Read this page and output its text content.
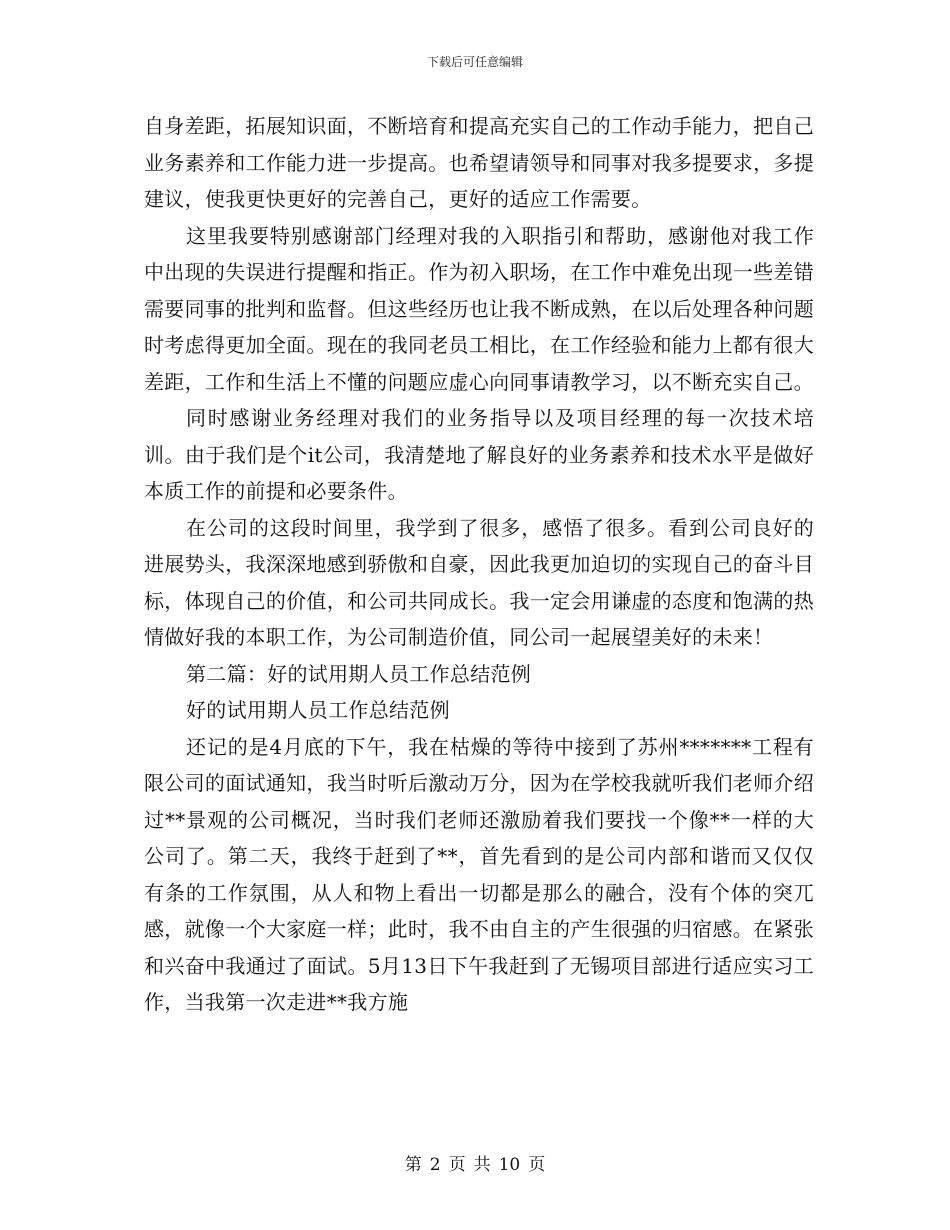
下载后可任意编辑

自身差距，拓展知识面，不断培育和提高充实自己的工作动手能力，把自己业务素养和工作能力进一步提高。也希望请领导和同事对我多提要求，多提建议，使我更快更好的完善自己，更好的适应工作需要。

这里我要特别感谢部门经理对我的入职指引和帮助，感谢他对我工作中出现的失误进行提醒和指正。作为初入职场，在工作中难免出现一些差错需要同事的批判和监督。但这些经历也让我不断成熟，在以后处理各种问题时考虑得更加全面。现在的我同老员工相比，在工作经验和能力上都有很大差距，工作和生活上不懂的问题应虚心向同事请教学习，以不断充实自己。

同时感谢业务经理对我们的业务指导以及项目经理的每一次技术培训。由于我们是个it公司，我清楚地了解良好的业务素养和技术水平是做好本质工作的前提和必要条件。

在公司的这段时间里，我学到了很多，感悟了很多。看到公司良好的进展势头，我深深地感到骄傲和自豪，因此我更加迫切的实现自己的奋斗目标，体现自己的价值，和公司共同成长。我一定会用谦虚的态度和饱满的热情做好我的本职工作，为公司制造价值，同公司一起展望美好的未来！

第二篇：好的试用期人员工作总结范例

好的试用期人员工作总结范例

还记的是4月底的下午，我在枯燥的等待中接到了苏州*******工程有限公司的面试通知，我当时听后激动万分，因为在学校我就听我们老师介绍过**景观的公司概况，当时我们老师还激励着我们要找一个像**一样的大公司了。第二天，我终于赶到了**，首先看到的是公司内部和谐而又仅仅有条的工作氛围，从人和物上看出一切都是那么的融合，没有个体的突兀感，就像一个大家庭一样；此时，我不由自主的产生很强的归宿感。在紧张和兴奋中我通过了面试。5月13日下午我赶到了无锡项目部进行适应实习工作，当我第一次走进**我方施

第 2 页 共 10 页
